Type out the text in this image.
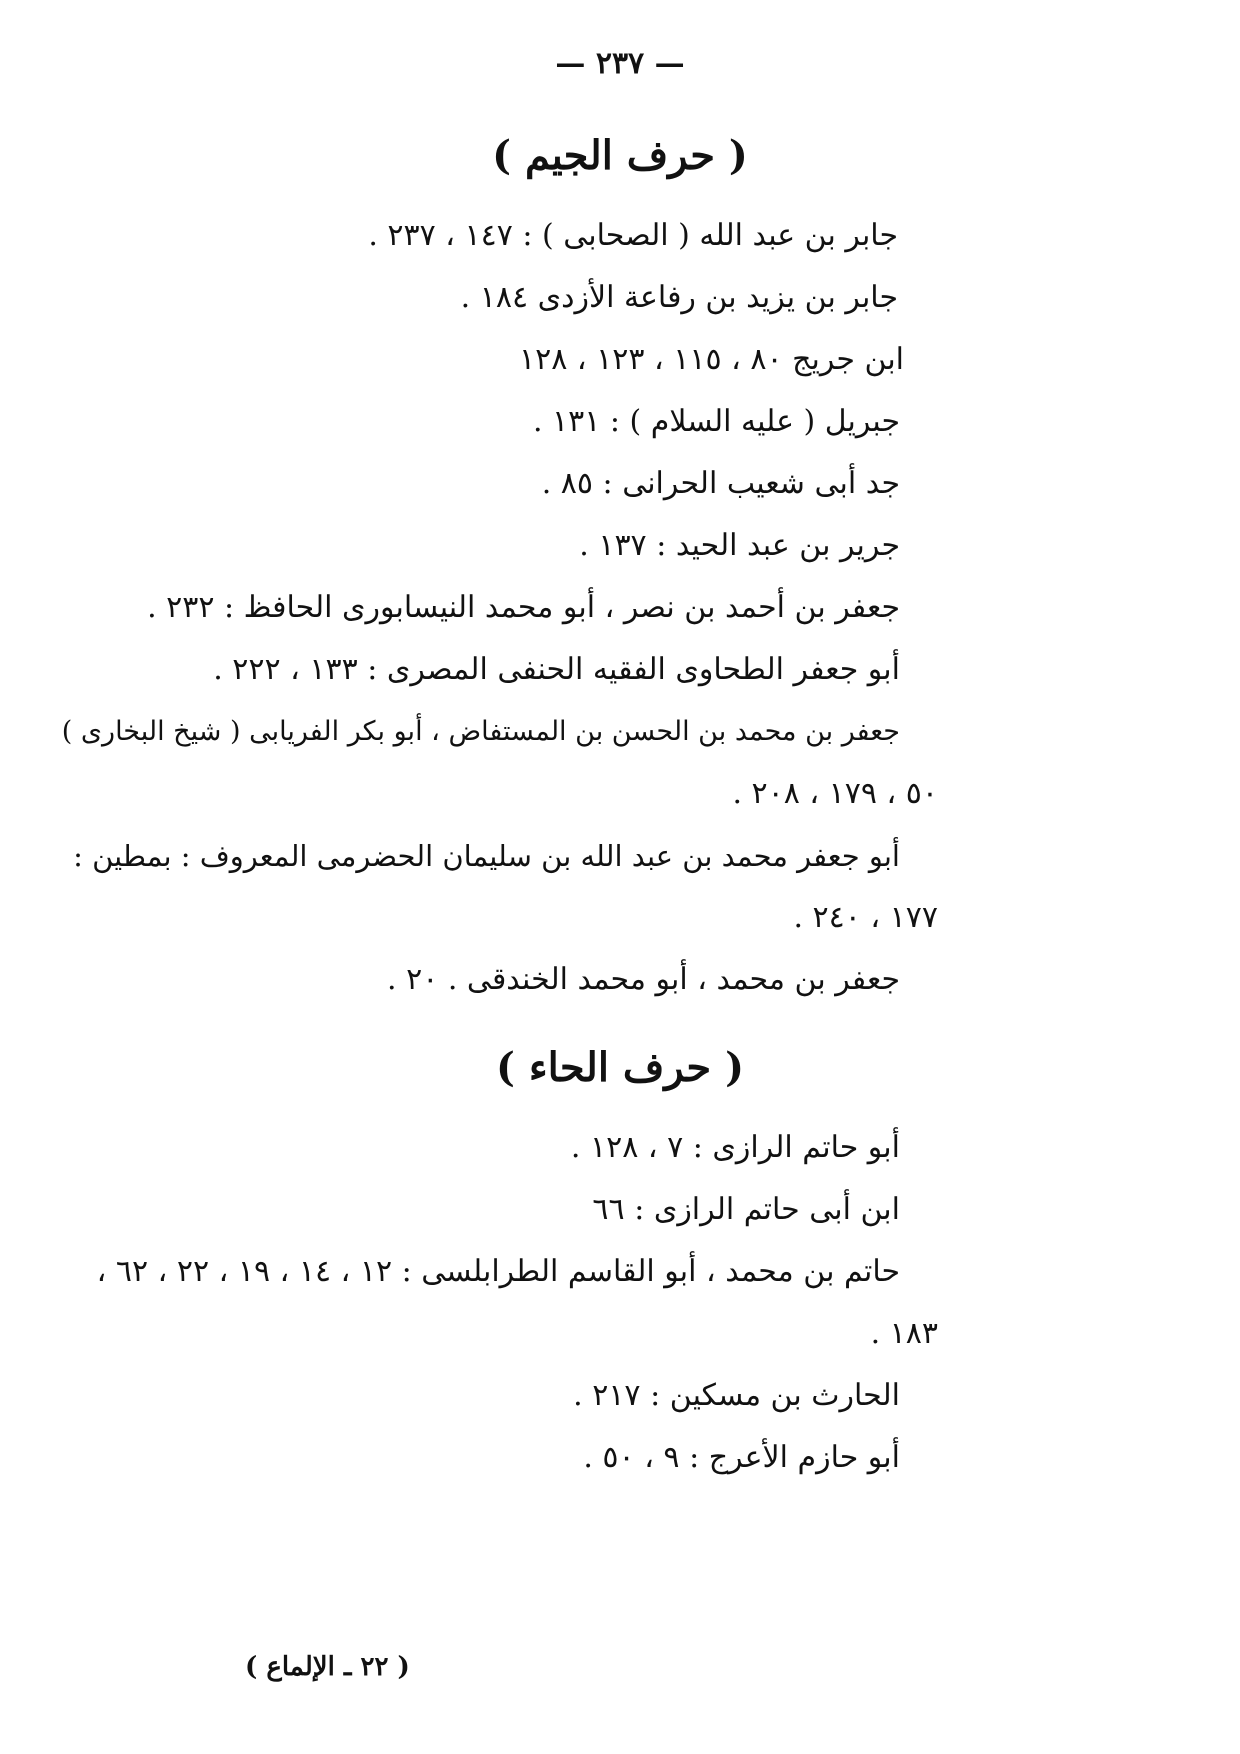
— ٢٣٧ —
( حرف الجيم )
جابر بن عبد الله ( الصحابى ) : ١٤٧ ، ٢٣٧ .
جابر بن يزيد بن رفاعة الأزدى ١٨٤ .
ابن جريج ٨٠ ، ١١٥ ، ١٢٣ ، ١٢٨
جبريل ( عليه السلام ) : ١٣١ .
جد أبى شعيب الحرانى : ٨٥ .
جرير بن عبد الحيد : ١٣٧ .
جعفر بن أحمد بن نصر ، أبو محمد النيسابورى الحافظ : ٢٣٢ .
أبو جعفر الطحاوى الفقيه الحنفى المصرى : ١٣٣ ، ٢٢٢ .
جعفر بن محمد بن الحسن بن المستفاض ، أبو بكر الفريابى ( شيخ البخارى )
٥٠ ، ١٧٩ ، ٢٠٨ .
أبو جعفر محمد بن عبد الله بن سليمان الحضرمى المعروف : بمطين :
١٧٧ ، ٢٤٠ .
جعفر بن محمد ، أبو محمد الخندقى . ٢٠ .
( حرف الحاء )
أبو حاتم الرازى : ٧ ، ١٢٨ .
ابن أبى حاتم الرازى : ٦٦
حاتم بن محمد ، أبو القاسم الطرابلسى : ١٢ ، ١٤ ، ١٩ ، ٢٢ ، ٦٢ ،
١٨٣ .
الحارث بن مسكين : ٢١٧ .
أبو حازم الأعرج : ٩ ، ٥٠ .
( ٢٢ ـ الإلماع )
